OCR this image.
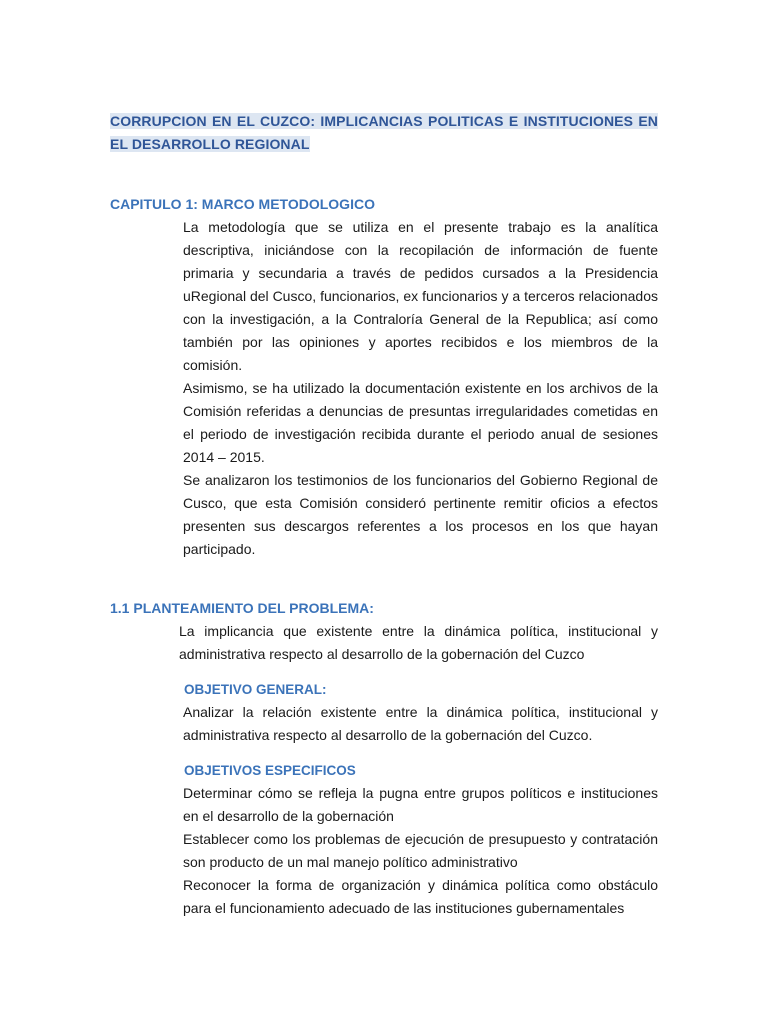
CORRUPCION EN EL CUZCO: IMPLICANCIAS POLITICAS E INSTITUCIONES EN EL DESARROLLO REGIONAL
CAPITULO 1: MARCO METODOLOGICO

La metodología que se utiliza en el presente trabajo es la analítica descriptiva, iniciándose con la recopilación de información de fuente primaria y secundaria a través de pedidos cursados a la Presidencia uRegional del Cusco, funcionarios, ex funcionarios y a terceros relacionados con la investigación, a la Contraloría General de la Republica; así como también por las opiniones y aportes recibidos e los miembros de la comisión.

Asimismo, se ha utilizado la documentación existente en los archivos de la Comisión referidas a denuncias de presuntas irregularidades cometidas en el periodo de investigación recibida durante el periodo anual de sesiones 2014 – 2015.

Se analizaron los testimonios de los funcionarios del Gobierno Regional de Cusco, que esta Comisión consideró pertinente remitir oficios a efectos presenten sus descargos referentes a los procesos en los que hayan participado.

1.1 PLANTEAMIENTO DEL PROBLEMA:

La implicancia que existente entre la dinámica política, institucional y administrativa respecto al desarrollo de la gobernación del Cuzco

OBJETIVO GENERAL:

Analizar la relación existente entre la dinámica política, institucional y administrativa respecto al desarrollo de la gobernación del Cuzco.

OBJETIVOS ESPECIFICOS

Determinar cómo se refleja la pugna entre grupos políticos e instituciones en el desarrollo de la gobernación

Establecer como los problemas de ejecución de presupuesto y contratación son producto de un mal manejo político administrativo

Reconocer la forma de organización y dinámica política como obstáculo para el funcionamiento adecuado de las instituciones gubernamentales
